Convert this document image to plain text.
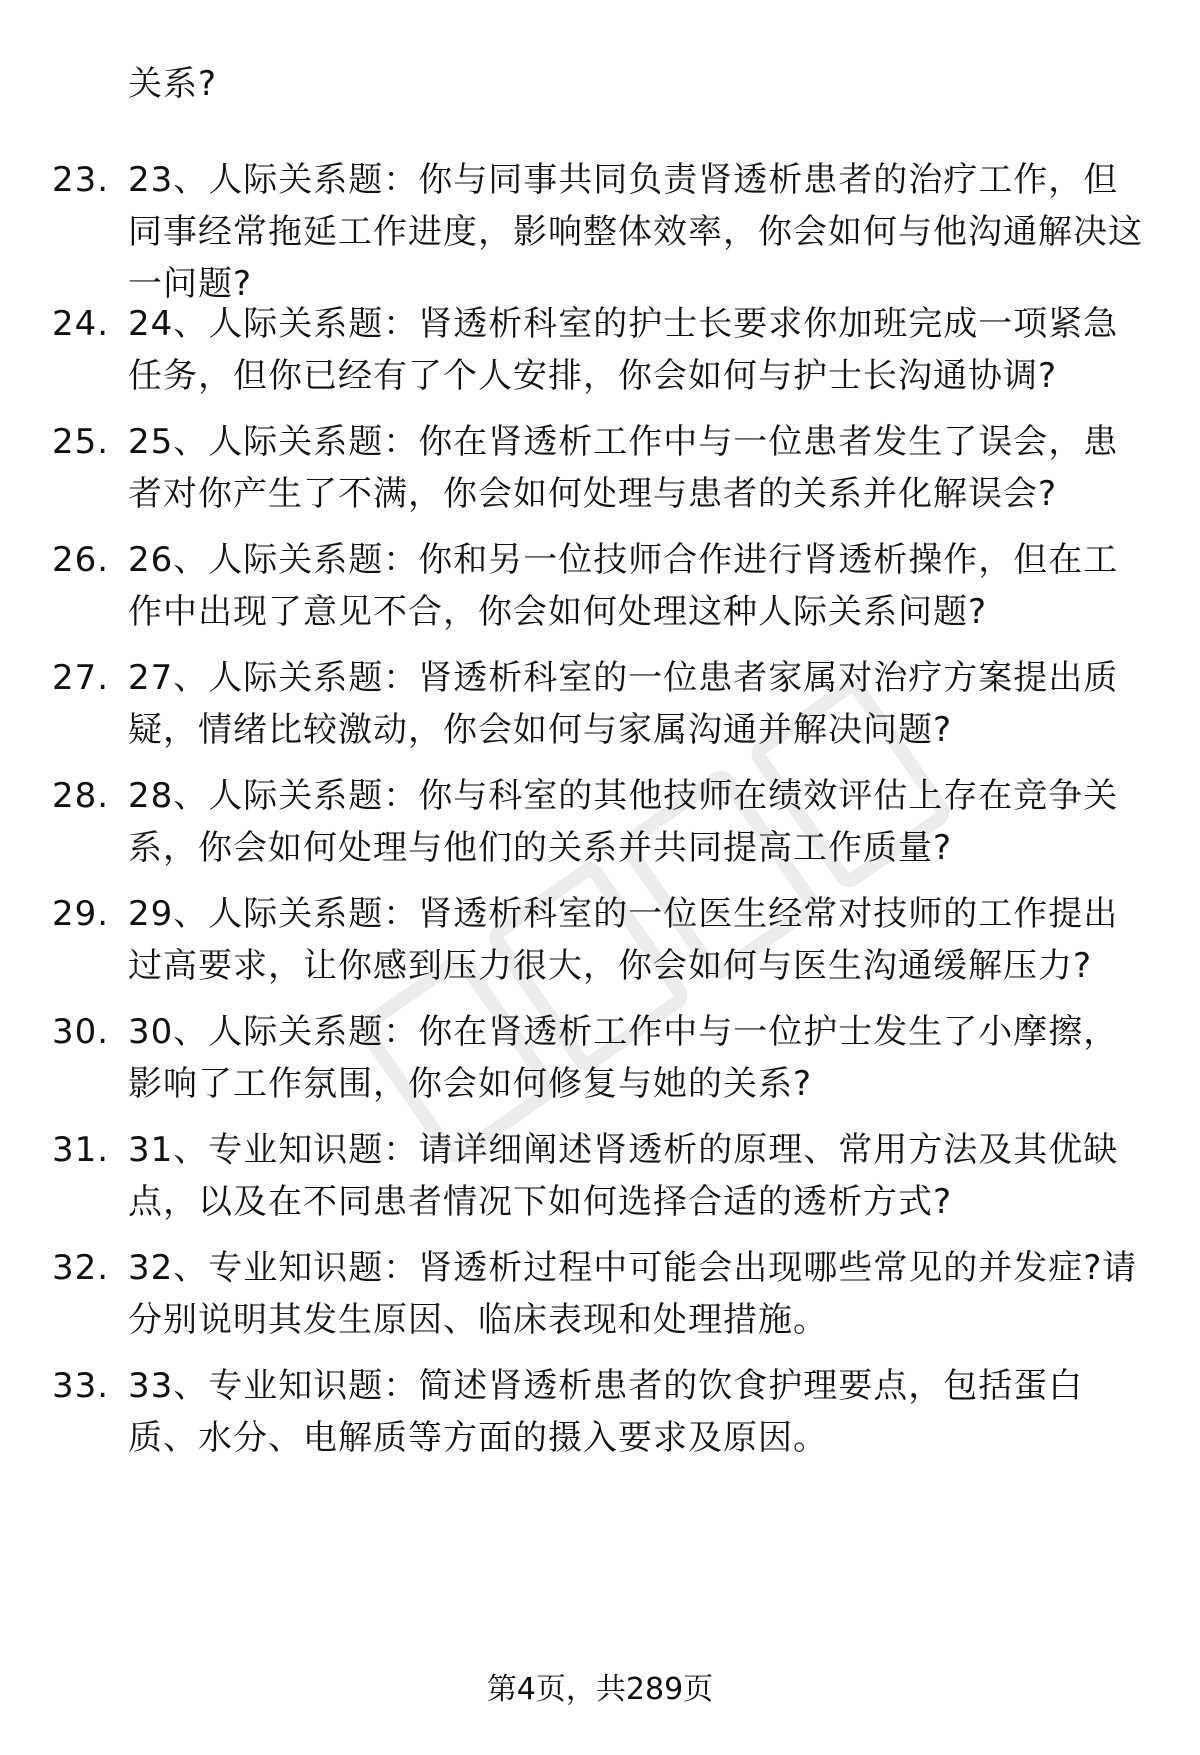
关系?
23. 23、人际关系题：你与同事共同负责肾透析患者的治疗工作，但同事经常拖延工作进度，影响整体效率，你会如何与他沟通解决这一问题?
24. 24、人际关系题：肾透析科室的护士长要求你加班完成一项紧急任务，但你已经有了个人安排，你会如何与护士长沟通协调?
25. 25、人际关系题：你在肾透析工作中与一位患者发生了误会，患者对你产生了不满，你会如何处理与患者的关系并化解误会?
26. 26、人际关系题：你和另一位技师合作进行肾透析操作，但在工作中出现了意见不合，你会如何处理这种人际关系问题?
27. 27、人际关系题：肾透析科室的一位患者家属对治疗方案提出质疑，情绪比较激动，你会如何与家属沟通并解决问题?
28. 28、人际关系题：你与科室的其他技师在绩效评估上存在竞争关系，你会如何处理与他们的关系并共同提高工作质量?
29. 29、人际关系题：肾透析科室的一位医生经常对技师的工作提出过高要求，让你感到压力很大，你会如何与医生沟通缓解压力?
30. 30、人际关系题：你在肾透析工作中与一位护士发生了小摩擦，影响了工作氛围，你会如何修复与她的关系?
31. 31、专业知识题：请详细阐述肾透析的原理、常用方法及其优缺点，以及在不同患者情况下如何选择合适的透析方式?
32. 32、专业知识题：肾透析过程中可能会出现哪些常见的并发症?请分别说明其发生原因、临床表现和处理措施。
33. 33、专业知识题：简述肾透析患者的饮食护理要点，包括蛋白质、水分、电解质等方面的摄入要求及原因。
第4页，共289页
